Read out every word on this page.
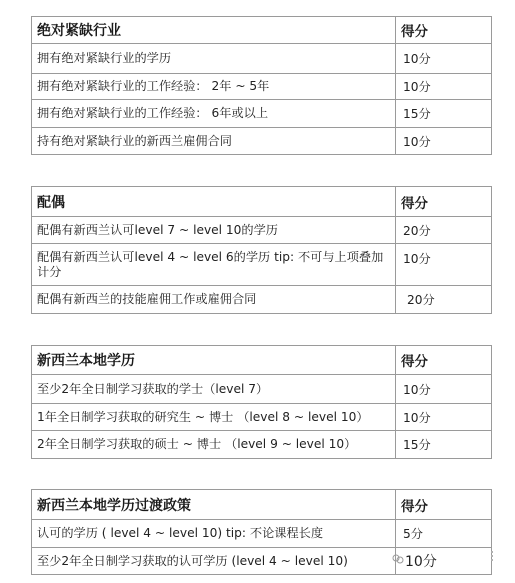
绝对紧缺行业	得分
拥有绝对紧缺行业的学历	10分
拥有绝对紧缺行业的工作经验： 2年 ~ 5年	10分
拥有绝对紧缺行业的工作经验： 6年或以上	15分
持有绝对紧缺行业的新西兰雇佣合同	10分
配偶	得分
配偶有新西兰认可level 7 ~ level 10的学历	20分
配偶有新西兰认可level 4 ~ level 6的学历 tip: 不可与上项叠加计分	10分
配偶有新西兰的技能雇佣工作或雇佣合同	20分
新西兰本地学历	得分
至少2年全日制学习获取的学士（level 7）	10分
1年全日制学习获取的研究生 ~ 博士 （level 8 ~ level 10）	10分
2年全日制学习获取的硕士 ~ 博士 （level 9 ~ level 10）	15分
新西兰本地学历过渡政策	得分
认可的学历 ( level 4 ~ level 10) tip: 不论课程长度	5分
至少2年全日制学习获取的认可学历 (level 4 ~ level 10)	10分
